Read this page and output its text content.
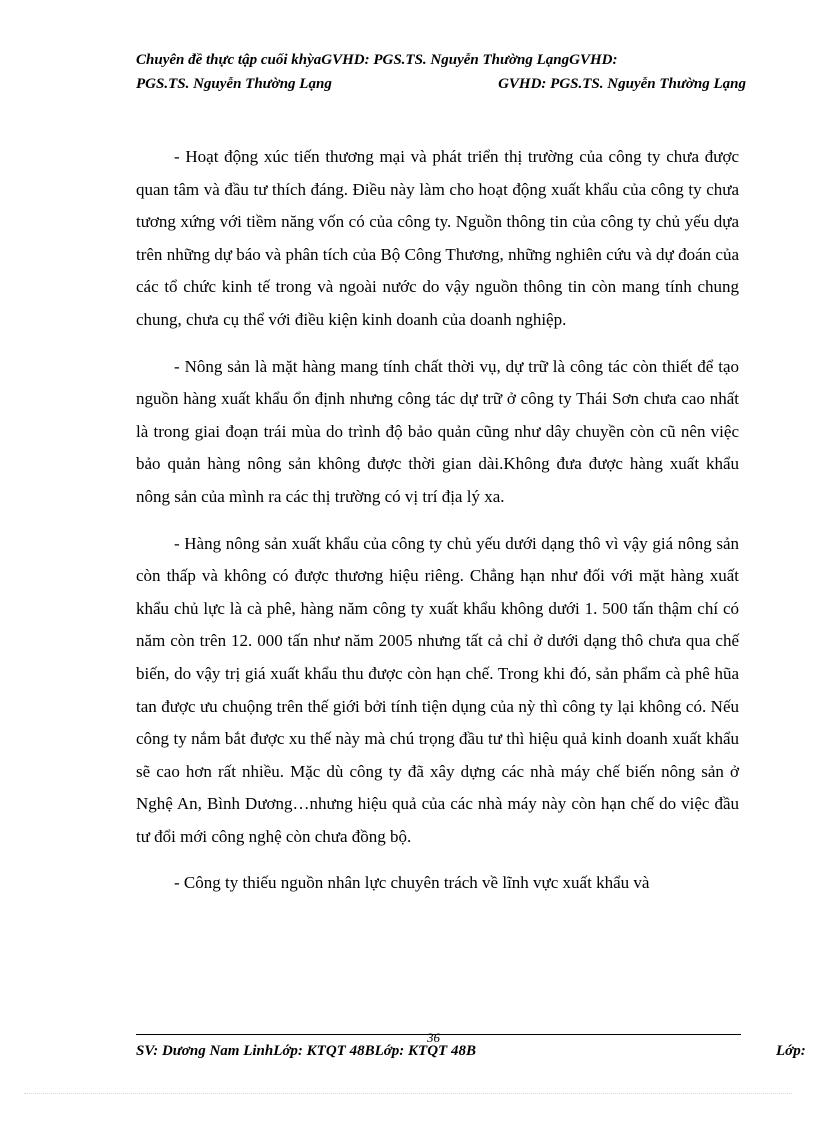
Chuyên đề thực tập cuối khỳaGVHD: PGS.TS. Nguyễn Thường LạngGVHD:
PGS.TS. Nguyễn Thường Lạng	GVHD: PGS.TS. Nguyễn Thường Lạng

- Hoạt động xúc tiến thương mại và phát triển thị trường của công ty chưa được quan tâm và đầu tư thích đáng. Điều này làm cho hoạt động xuất khẩu của công ty chưa tương xứng với tiềm năng vốn có của công ty. Nguồn thông tin của công ty chủ yếu dựa trên những dự báo và phân tích của Bộ Công Thương, những nghiên cứu và dự đoán của các tổ chức kinh tế trong và ngoài nước do vậy nguồn thông tin còn mang tính chung chung, chưa cụ thể với điều kiện kinh doanh của doanh nghiệp.

- Nông sản là mặt hàng mang tính chất thời vụ, dự trữ là công tác còn thiết để tạo nguồn hàng xuất khẩu ổn định nhưng công tác dự trữ ở công ty Thái Sơn chưa cao nhất là trong giai đoạn trái mùa do trình độ bảo quản cũng như dây chuyền còn cũ nên việc bảo quản hàng nông sản không được thời gian dài.Không đưa được hàng xuất khẩu nông sản của mình ra các thị trường có vị trí địa lý xa.

- Hàng nông sản xuất khẩu của công ty chủ yếu dưới dạng thô vì vậy giá nông sản còn thấp và không có được thương hiệu riêng. Chẳng hạn như đối với mặt hàng xuất khẩu chủ lực là cà phê, hàng năm công ty xuất khẩu không dưới 1. 500 tấn thậm chí có năm còn trên 12. 000 tấn như năm 2005 nhưng tất cả chỉ ở dưới dạng thô chưa qua chế biến, do vậy trị giá xuất khẩu thu được còn hạn chế. Trong khi đó, sản phẩm cà phê hũa tan được ưu chuộng trên thế giới bởi tính tiện dụng của nỳ thì công ty lại không có. Nếu công ty nắm bắt được xu thế này mà chú trọng đầu tư thì hiệu quả kinh doanh xuất khẩu sẽ cao hơn rất nhiều. Mặc dù công ty đã xây dựng các nhà máy chế biến nông sản ở Nghệ An, Bình Dương…nhưng hiệu quả của các nhà máy này còn hạn chế do việc đầu tư đổi mới công nghệ còn chưa đồng bộ.

- Công ty thiếu nguồn nhân lực chuyên trách về lĩnh vực xuất khẩu và

36
SV: Dương Nam LinhLớp: KTQT 48BLớp: KTQT 48B	Lớp:
